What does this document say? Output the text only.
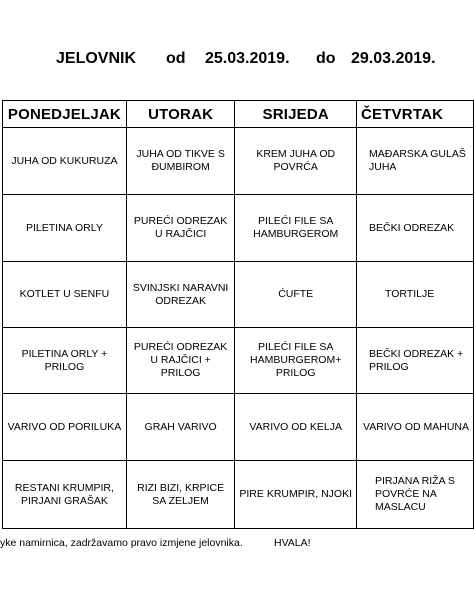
JELOVNIK od 25.03.2019. do 29.03.2019.
PONEDJELJAK	UTORAK	SRIJEDA	ČETVRTAK
JUHA OD KUKURUZA	JUHA OD TIKVE S ĐUMBIROM	KREM JUHA OD POVRĆA	MAĐARSKA GULAŠ JUHA
PILETINA ORLY	PUREĆI ODREZAK U RAJČICI	PILEĆI FILE SA HAMBURGEROM	BEČKI ODREZAK
KOTLET U SENFU	SVINJSKI NARAVNI ODREZAK	ĆUFTE	TORTILJE
PILETINA ORLY + PRILOG	PUREĆI ODREZAK U RAJČICI + PRILOG	PILEĆI FILE SA HAMBURGEROM+ PRILOG	BEČKI ODREZAK + PRILOG
VARIVO OD PORILUKA	GRAH VARIVO	VARIVO OD KELJA	VARIVO OD MAHUNA
RESTANI KRUMPIR, PIRJANI GRAŠAK	RIZI BIZI, KRPICE SA ZELJEM	PIRE KRUMPIR, NJOKI	PIRJANA RIŽA S POVRĆE NA MASLACU
yke namirnica, zadržavamo pravo izmjene jelovnika.	HVALA!
